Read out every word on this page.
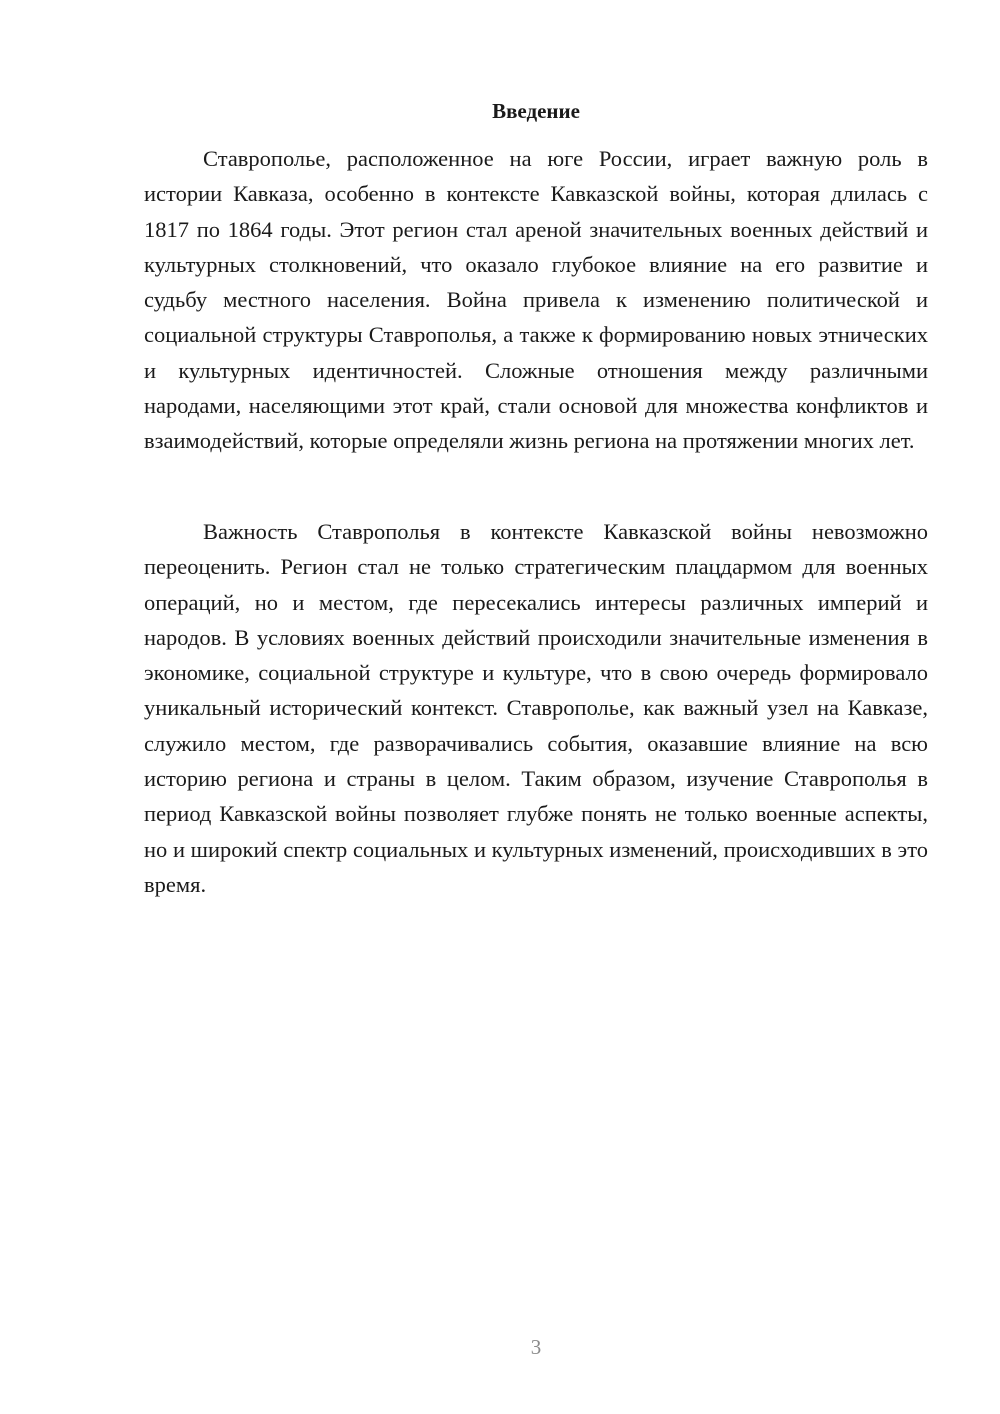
Введение

Ставрополье, расположенное на юге России, играет важную роль в истории Кавказа, особенно в контексте Кавказской войны, которая длилась с 1817 по 1864 годы. Этот регион стал ареной значительных военных действий и культурных столкновений, что оказало глубокое влияние на его развитие и судьбу местного населения. Война привела к изменению политической и социальной структуры Ставрополья, а также к формированию новых этнических и культурных идентичностей. Сложные отношения между различными народами, населяющими этот край, стали основой для множества конфликтов и взаимодействий, которые определяли жизнь региона на протяжении многих лет.

Важность Ставрополья в контексте Кавказской войны невозможно переоценить. Регион стал не только стратегическим плацдармом для военных операций, но и местом, где пересекались интересы различных империй и народов. В условиях военных действий происходили значительные изменения в экономике, социальной структуре и культуре, что в свою очередь формировало уникальный исторический контекст. Ставрополье, как важный узел на Кавказе, служило местом, где разворачивались события, оказавшие влияние на всю историю региона и страны в целом. Таким образом, изучение Ставрополья в период Кавказской войны позволяет глубже понять не только военные аспекты, но и широкий спектр социальных и культурных изменений, происходивших в это время.

3
